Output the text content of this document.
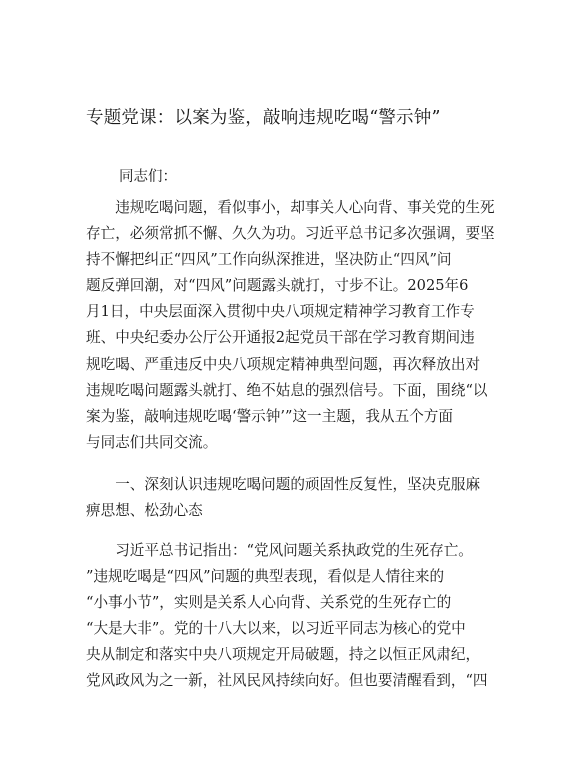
专题党课：以案为鉴，敲响违规吃喝“警示钟”

同志们：

　　违规吃喝问题，看似事小，却事关人心向背、事关党的生死
存亡，必须常抓不懈、久久为功。习近平总书记多次强调，要坚
持不懈把纠正“四风”工作向纵深推进，坚决防止“四风”问
题反弹回潮，对“四风”问题露头就打，寸步不让。2025年6
月1日，中央层面深入贯彻中央八项规定精神学习教育工作专
班、中央纪委办公厅公开通报2起党员干部在学习教育期间违
规吃喝、严重违反中央八项规定精神典型问题，再次释放出对
违规吃喝问题露头就打、绝不姑息的强烈信号。下面，围绕“以
案为鉴，敲响违规吃喝‘警示钟’”这一主题，我从五个方面
与同志们共同交流。
　　一、深刻认识违规吃喝问题的顽固性反复性，坚决克服麻
痹思想、松劲心态
　　习近平总书记指出：“党风问题关系执政党的生死存亡。
”违规吃喝是“四风”问题的典型表现，看似是人情往来的
“小事小节”，实则是关系人心向背、关系党的生死存亡的
“大是大非”。党的十八大以来，以习近平同志为核心的党中
央从制定和落实中央八项规定开局破题，持之以恒正风肃纪，
党风政风为之一新，社风民风持续向好。但也要清醒看到，“四
